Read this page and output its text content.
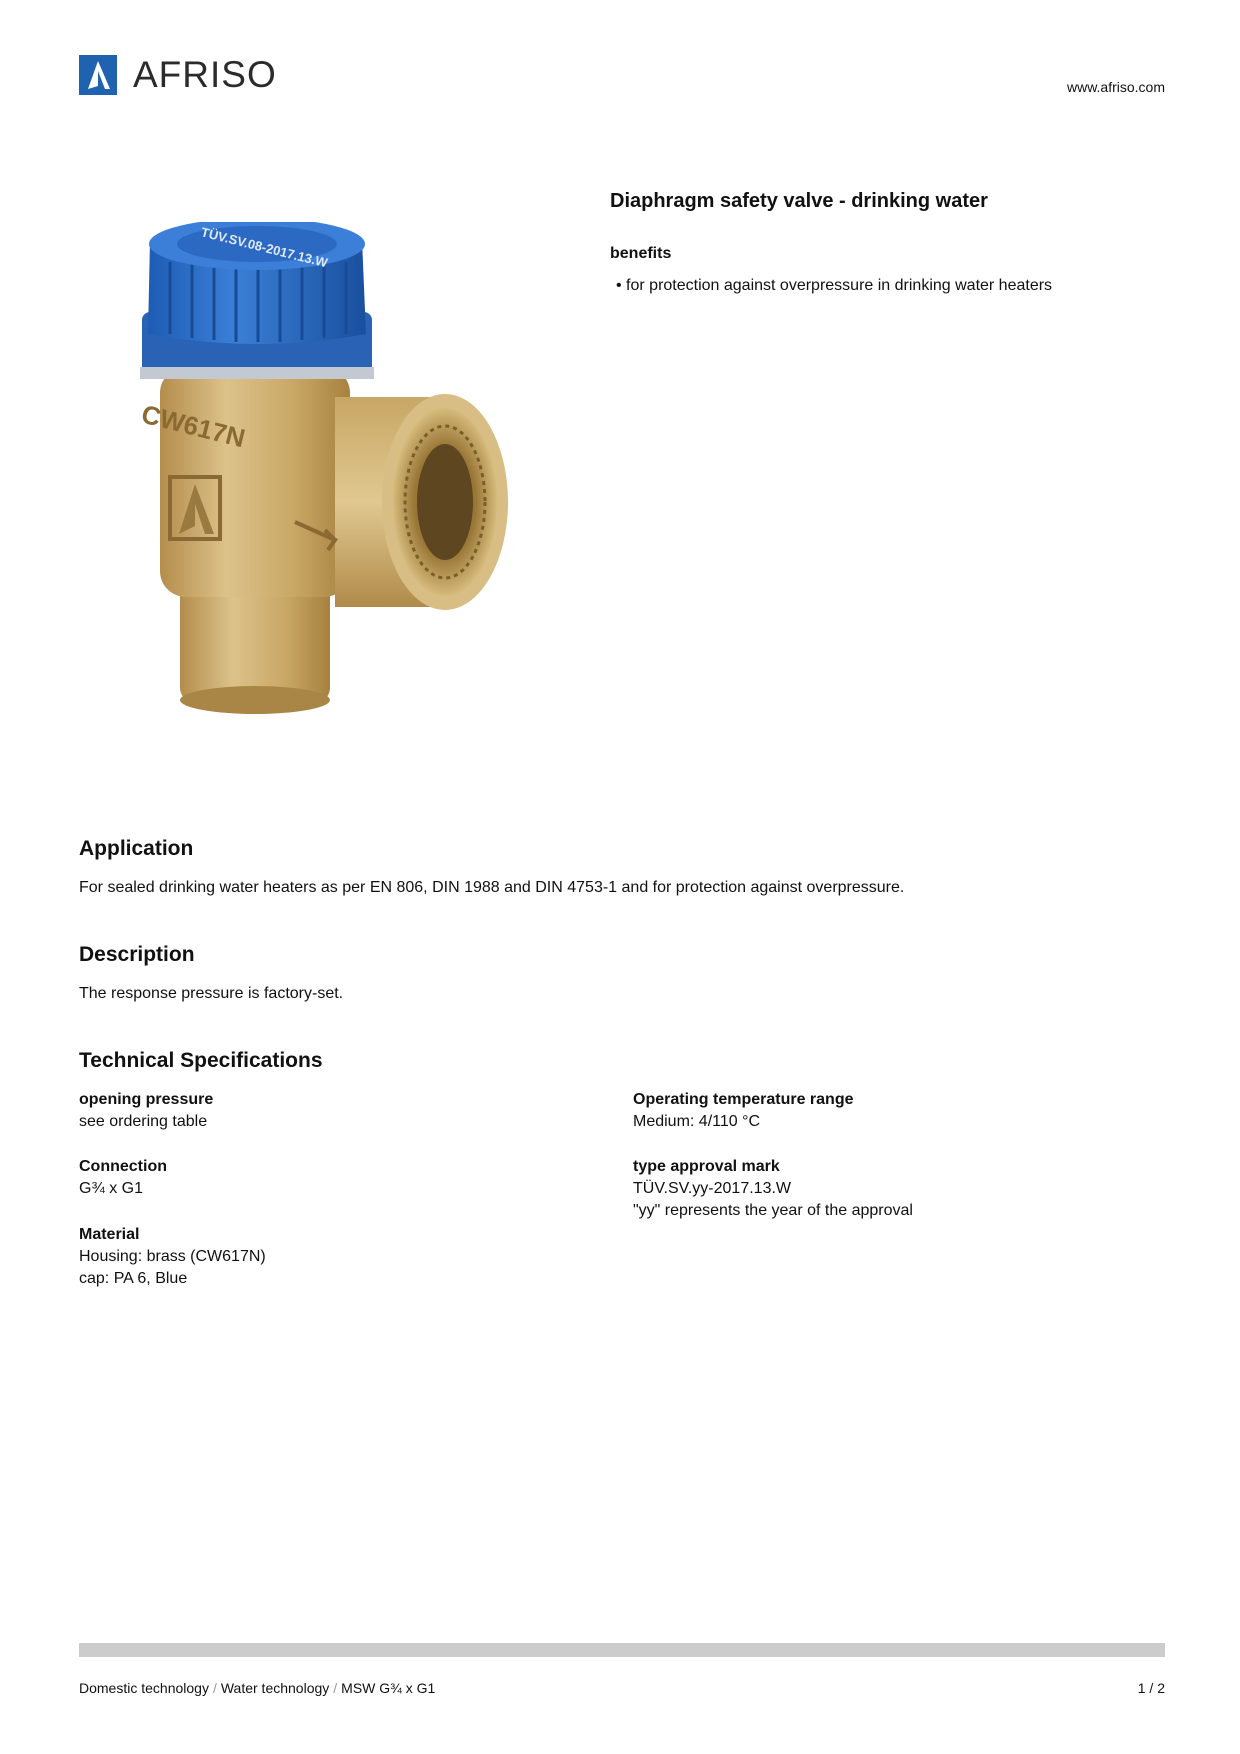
AFRISO	www.afriso.com
CW617N
TÜV.SV.08-2017.13.W
Diaphragm safety valve - drinking water
benefits
• for protection against overpressure in drinking water heaters
Application
For sealed drinking water heaters as per EN 806, DIN 1988 and DIN 4753-1 and for protection against overpressure.
Description
The response pressure is factory-set.
Technical Specifications
opening pressure
see ordering table
Connection
G¾ x G1
Material
Housing: brass (CW617N)
cap: PA 6, Blue
Operating temperature range
Medium: 4/110 °C
type approval mark
TÜV.SV.yy-2017.13.W
"yy" represents the year of the approval
Domestic technology / Water technology / MSW G¾ x G1	1 / 2
